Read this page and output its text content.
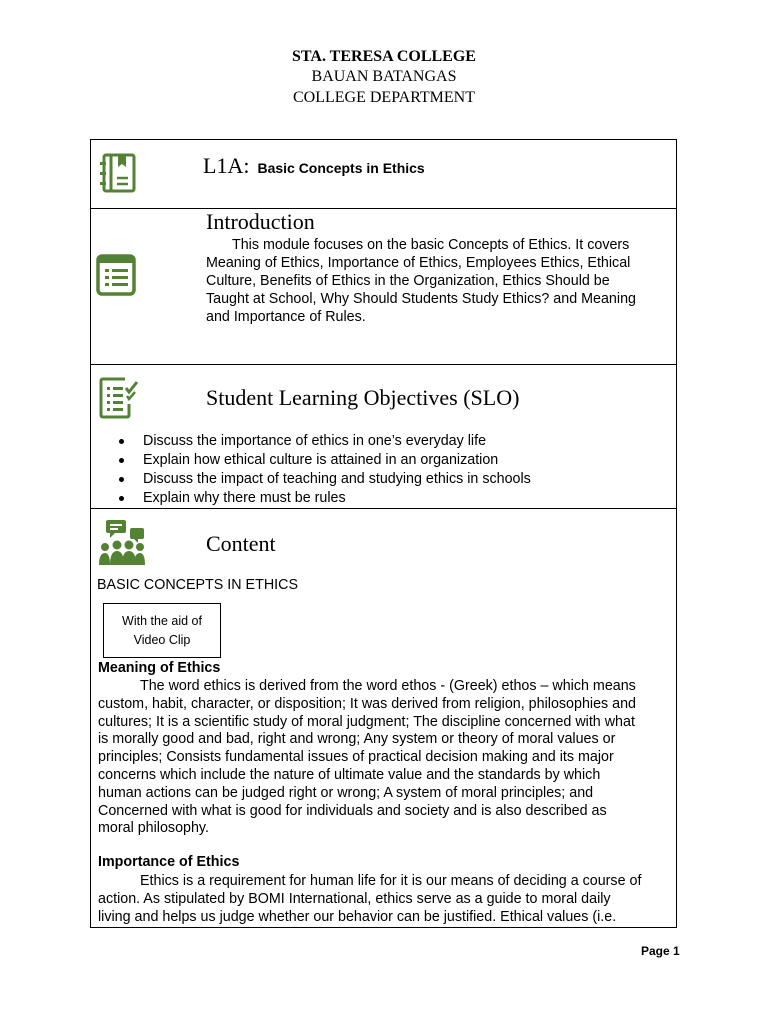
STA. TERESA COLLEGE
BAUAN BATANGAS
COLLEGE DEPARTMENT
L1A: Basic Concepts in Ethics
Introduction
This module focuses on the basic Concepts of Ethics. It covers
Meaning of Ethics, Importance of Ethics, Employees Ethics, Ethical
Culture, Benefits of Ethics in the Organization, Ethics Should be
Taught at School, Why Should Students Study Ethics? and Meaning
and Importance of Rules.
Student Learning Objectives (SLO)
Discuss the importance of ethics in one’s everyday life
Explain how ethical culture is attained in an organization
Discuss the impact of teaching and studying ethics in schools
Explain why there must be rules
Content
BASIC CONCEPTS IN ETHICS
With the aid of
Video Clip
Meaning of Ethics
The word ethics is derived from the word ethos - (Greek) ethos – which means
custom, habit, character, or disposition; It was derived from religion, philosophies and
cultures; It is a scientific study of moral judgment; The discipline concerned with what
is morally good and bad, right and wrong; Any system or theory of moral values or
principles; Consists fundamental issues of practical decision making and its major
concerns which include the nature of ultimate value and the standards by which
human actions can be judged right or wrong; A system of moral principles; and
Concerned with what is good for individuals and society and is also described as
moral philosophy.
Importance of Ethics
Ethics is a requirement for human life for it is our means of deciding a course of
action. As stipulated by BOMI International, ethics serve as a guide to moral daily
living and helps us judge whether our behavior can be justified. Ethical values (i.e.
Page 1
